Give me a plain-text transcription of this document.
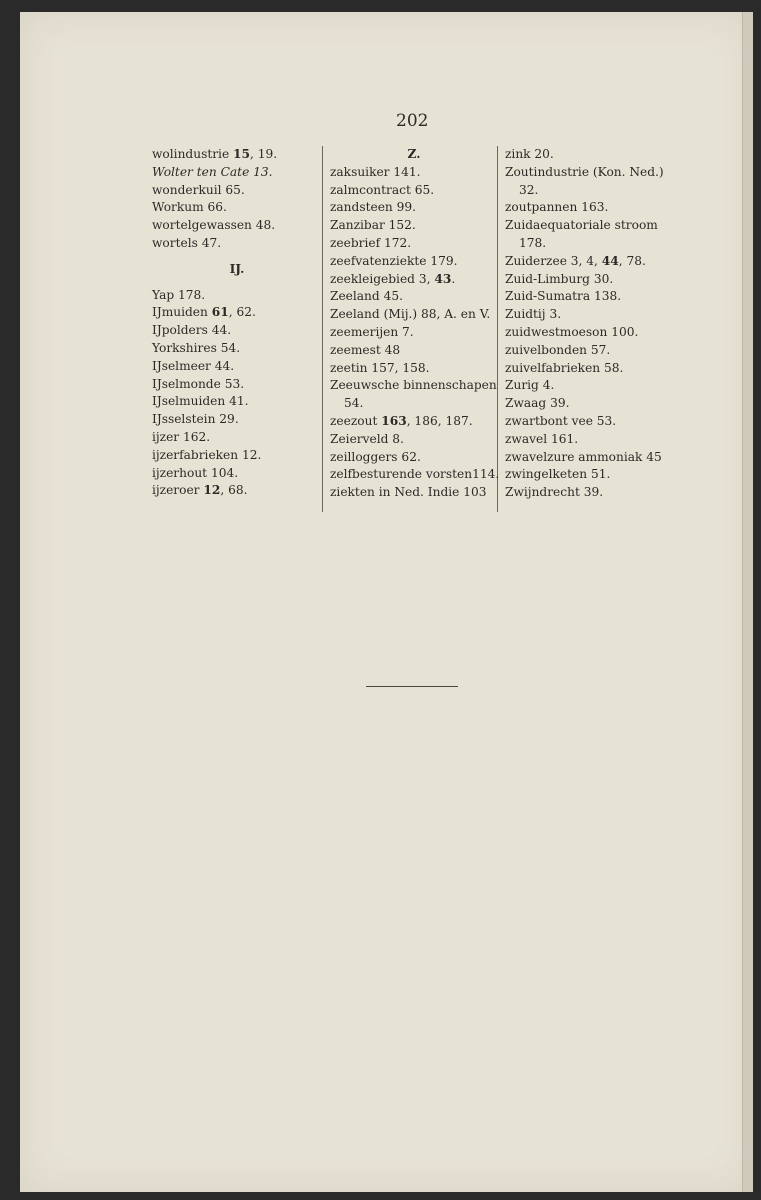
202
wolindustrie 15, 19.
Wolter ten Cate 13.
wonderkuil 65.
Workum 66.
wortelgewassen 48.
wortels 47.
IJ.
Yap 178.
IJmuiden 61, 62.
IJpolders 44.
Yorkshires 54.
IJselmeer 44.
IJselmonde 53.
IJselmuiden 41.
IJsselstein 29.
ijzer 162.
ijzerfabrieken 12.
ijzerhout 104.
ijzeroer 12, 68.
Z.
zaksuiker 141.
zalmcontract 65.
zandsteen 99.
Zanzibar 152.
zeebrief 172.
zeefvatenziekte 179.
zeekleigebied 3, 43.
Zeeland 45.
Zeeland (Mij.) 88, A. en V.
zeemerijen 7.
zeemest 48
zeetin 157, 158.
Zeeuwsche binnenschapen
54.
zeezout 163, 186, 187.
Zeierveld 8.
zeilloggers 62.
zelfbesturende vorsten114.
ziekten in Ned. Indie 103
zink 20.
Zoutindustrie (Kon. Ned.)
32.
zoutpannen 163.
Zuidaequatoriale stroom
178.
Zuiderzee 3, 4, 44, 78.
Zuid-Limburg 30.
Zuid-Sumatra 138.
Zuidtij 3.
zuidwestmoeson 100.
zuivelbonden 57.
zuivelfabrieken 58.
Zurig 4.
Zwaag 39.
zwartbont vee 53.
zwavel 161.
zwavelzure ammoniak 45
zwingelketen 51.
Zwijndrecht 39.
